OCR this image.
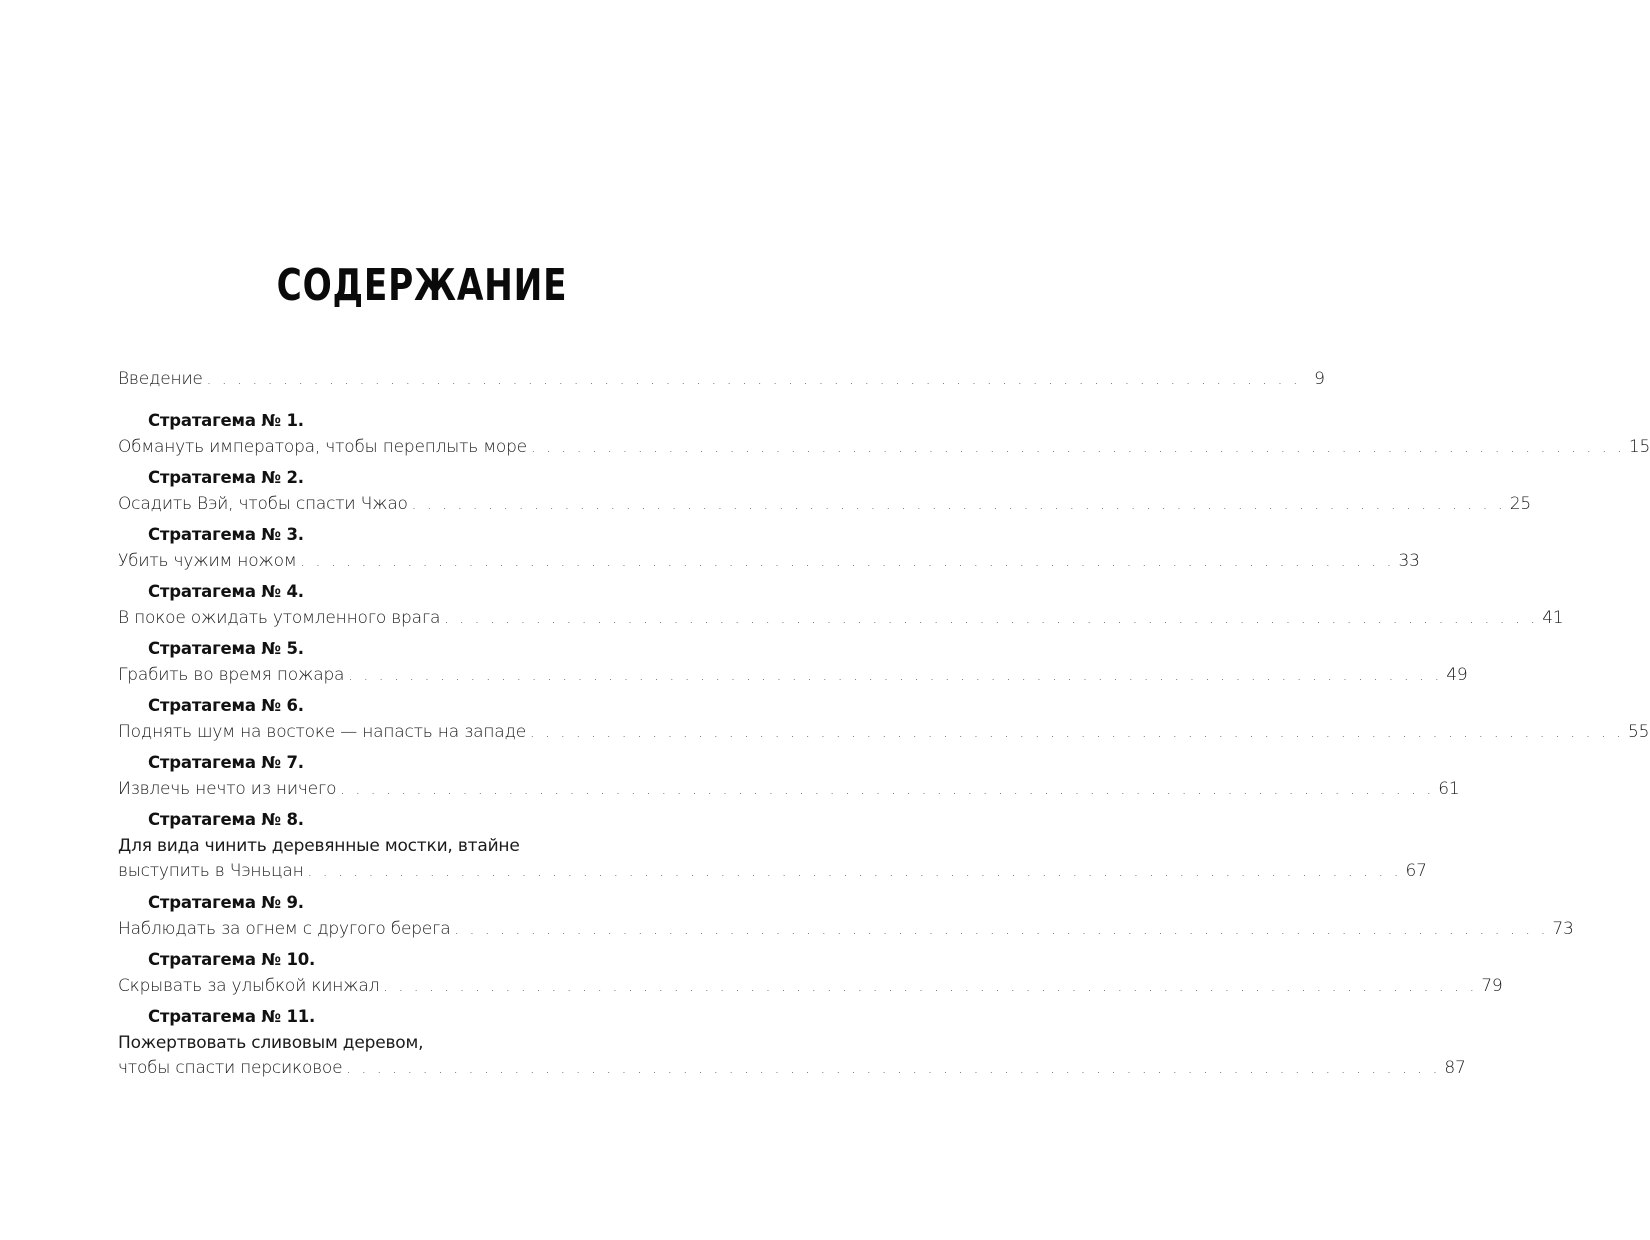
СОДЕРЖАНИЕ
Введение . . . . . . . . . . . . . . . . . . . . . . . . . . . . . . . . . . . . . . . . . . . . . . . . . . . . . . . . . . . . . . . . . . . . . . . . 9
Стратагема № 1.
Обмануть императора, чтобы переплыть море . . . . . . . . . . . . . . . . . . . . . . . . . . . . . . . . . . . . . . . . . . . . . . . . . . . . . . . . . . . . . . . . . . . . . . . . 15
Стратагема № 2.
Осадить Вэй, чтобы спасти Чжао . . . . . . . . . . . . . . . . . . . . . . . . . . . . . . . . . . . . . . . . . . . . . . . . . . . . . . . . . . . . . . . . . . . . . . . . 25
Стратагема № 3.
Убить чужим ножом . . . . . . . . . . . . . . . . . . . . . . . . . . . . . . . . . . . . . . . . . . . . . . . . . . . . . . . . . . . . . . . . . . . . . . . . 33
Стратагема № 4.
В покое ожидать утомленного врага . . . . . . . . . . . . . . . . . . . . . . . . . . . . . . . . . . . . . . . . . . . . . . . . . . . . . . . . . . . . . . . . . . . . . . . . 41
Стратагема № 5.
Грабить во время пожара . . . . . . . . . . . . . . . . . . . . . . . . . . . . . . . . . . . . . . . . . . . . . . . . . . . . . . . . . . . . . . . . . . . . . . . . 49
Стратагема № 6.
Поднять шум на востоке — напасть на западе . . . . . . . . . . . . . . . . . . . . . . . . . . . . . . . . . . . . . . . . . . . . . . . . . . . . . . . . . . . . . . . . . . . . . . . . 55
Стратагема № 7.
Извлечь нечто из ничего . . . . . . . . . . . . . . . . . . . . . . . . . . . . . . . . . . . . . . . . . . . . . . . . . . . . . . . . . . . . . . . . . . . . . . . . 61
Стратагема № 8.
Для вида чинить деревянные мостки, втайне
выступить в Чэньцан . . . . . . . . . . . . . . . . . . . . . . . . . . . . . . . . . . . . . . . . . . . . . . . . . . . . . . . . . . . . . . . . . . . . . . . . 67
Стратагема № 9.
Наблюдать за огнем с другого берега . . . . . . . . . . . . . . . . . . . . . . . . . . . . . . . . . . . . . . . . . . . . . . . . . . . . . . . . . . . . . . . . . . . . . . . . 73
Стратагема № 10.
Скрывать за улыбкой кинжал . . . . . . . . . . . . . . . . . . . . . . . . . . . . . . . . . . . . . . . . . . . . . . . . . . . . . . . . . . . . . . . . . . . . . . . . 79
Стратагема № 11.
Пожертвовать сливовым деревом,
чтобы спасти персиковое . . . . . . . . . . . . . . . . . . . . . . . . . . . . . . . . . . . . . . . . . . . . . . . . . . . . . . . . . . . . . . . . . . . . . . . . 87
